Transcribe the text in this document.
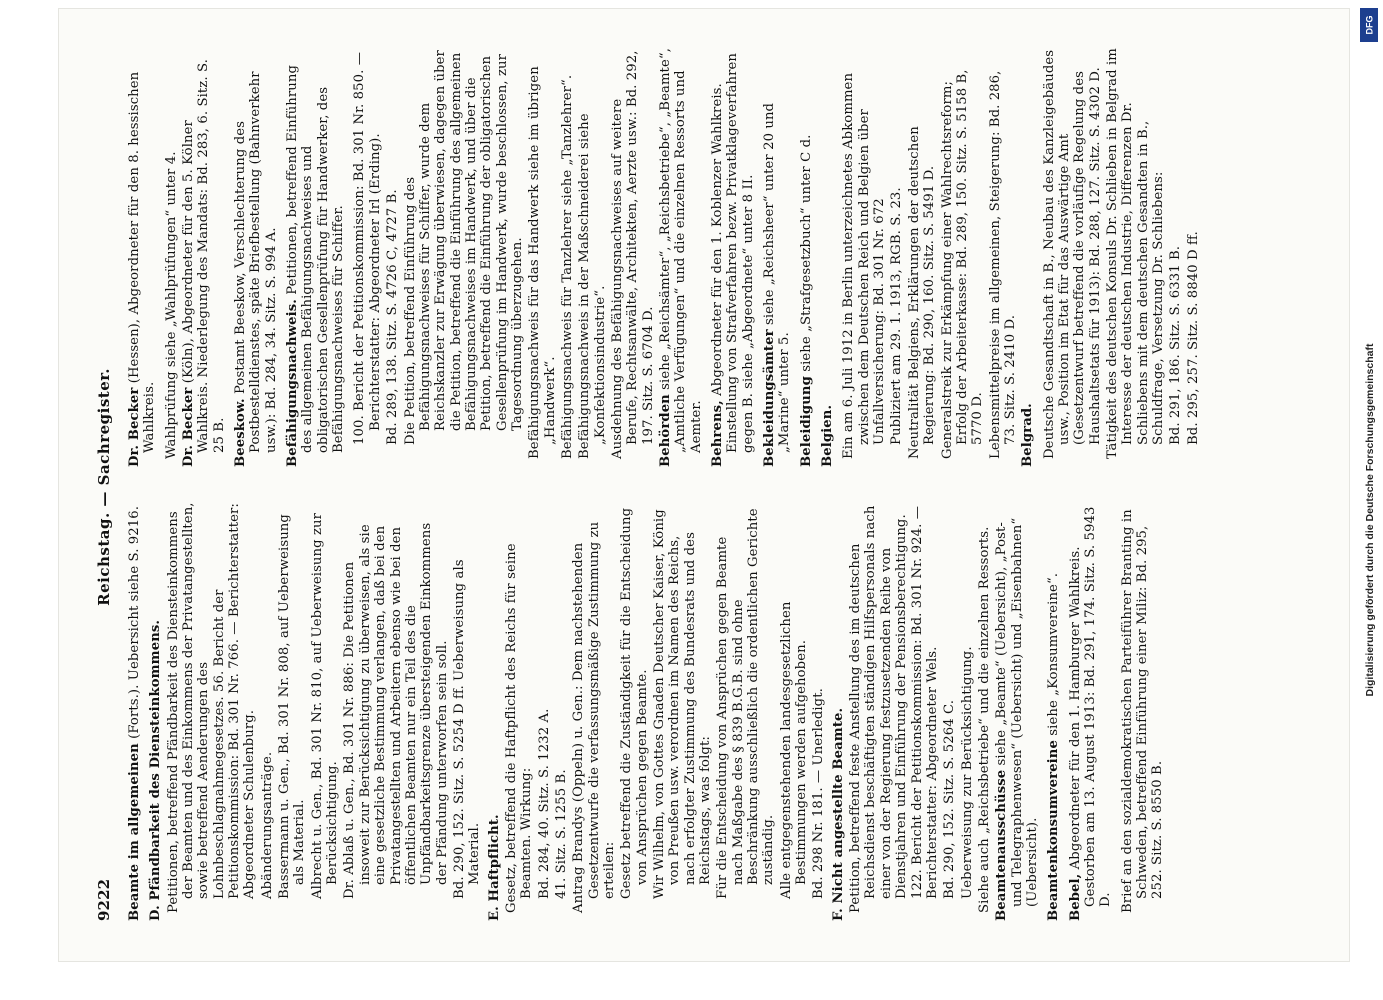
9222
Reichstag. — Sachregister.
Beamte im allgemeinen (Forts.). Uebersicht siehe S. 9216. D. Pfändbarkeit des Diensteinkommens. Petitionen, betreffend Pfändbarkeit des Diensteinkommens der Beamten und des Einkommens der Privatangestellten, sowie betreffend Aenderungen des Lohnbeschlagnahmegesetzes. 56. Bericht der Petitionskommission: Bd. 301 Nr. 766. — Berichterstatter: Abgeordneter Schulenburg. Abänderungsanträge. Bassermann u. Gen., Bd. 301 Nr. 808, auf Ueberweisung als Material. Albrecht u. Gen., Bd. 301 Nr. 810, auf Ueberweisung zur Berücksichtigung. Dr. Ablaß u. Gen., Bd. 301 Nr. 886: Die Petitionen insoweit zur Berücksichtigung zu überweisen, als sie eine gesetzliche Bestimmung verlangen, daß bei den Privatangestellten und Arbeitern ebenso wie bei den öffentlichen Beamten nur ein Teil des die Unpfändbarkeitsgrenze übersteigenden Einkommens der Pfändung unterworfen sein soll. Bd. 290, 152. Sitz. S. 5254 D ff. Ueberweisung als Material. E. Haftpflicht. Gesetz, betreffend die Haftpflicht des Reichs für seine Beamten. Wirkung: Bd. 284, 40. Sitz. S. 1232 A. 41. Sitz. S. 1255 B. Antrag Brandys (Oppeln) u. Gen.: Dem nachstehenden Gesetzentwurfe die verfassungsmäßige Zustimmung zu erteilen: Gesetz betreffend die Zuständigkeit für die Entscheidung von Ansprüchen gegen Beamte. Wir Wilhelm, von Gottes Gnaden Deutscher Kaiser, König von Preußen usw. verordnen im Namen des Reichs, nach erfolgter Zustimmung des Bundesrats und des Reichstags, was folgt: Für die Entscheidung von Ansprüchen gegen Beamte nach Maßgabe des § 839 B.G.B. sind ohne Beschränkung ausschließlich die ordentlichen Gerichte zuständig. Alle entgegenstehenden landesgesetzlichen Bestimmungen werden aufgehoben. Bd. 298 Nr. 181. — Unerledigt. F. Nicht angestellte Beamte. Petition, betreffend feste Anstellung des im deutschen Reichsdienst beschäftigten ständigen Hilfspersonals nach einer von der Regierung festzusetzenden Reihe von Dienstjahren und Einführung der Pensionsberechtigung. 122. Bericht der Petitionskommission: Bd. 301 Nr. 924. — Berichterstatter: Abgeordneter Wels. Bd. 290, 152. Sitz. S. 5264 C. Ueberweisung zur Berücksichtigung. Siehe auch „Reichsbetriebe“ und die einzelnen Ressorts. Beamtenausschüsse siehe „Beamte“ (Uebersicht), „Post- und Telegraphenwesen“ (Uebersicht) und „Eisenbahnen“ (Uebersicht). Beamtenkonsumvereine siehe „Konsumvereine“.
Bebel, Abgeordneter für den 1. Hamburger Wahlkreis. Gestorben am 13. August 1913: Bd. 291, 174. Sitz. S. 5943 D. Brief an den sozialdemokratischen Parteiführer Branting in Schweden, betreffend Einführung einer Miliz: Bd. 295, 252. Sitz. S. 8550 B.
Dr. Becker (Hessen), Abgeordneter für den 8. hessischen Wahlkreis. Wahlprüfung siehe „Wahlprüfungen“ unter 4. Dr. Becker (Köln), Abgeordneter für den 5. Kölner Wahlkreis. Niederlegung des Mandats: Bd. 283, 6. Sitz. S. 25 B. Beeskow. Postamt Beeskow, Verschlechterung des Postbestelldienstes, späte Briefbestellung (Bahnverkehr usw.): Bd. 284, 34. Sitz. S. 994 A. Befähigungsnachweis. Petitionen, betreffend Einführung des allgemeinen Befähigungsnachweises und obligatorischen Gesellenprüfung für Handwerker, des Befähigungsnachweises für Schiffer. 100. Bericht der Petitionskommission: Bd. 301 Nr. 850. — Berichterstatter: Abgeordneter Irl (Erding). Bd. 289, 138. Sitz. S. 4726 C, 4727 B. Die Petition, betreffend Einführung des Befähigungsnachweises für Schiffer, wurde dem Reichskanzler zur Erwägung überwiesen, dagegen über die Petition, betreffend die Einführung des allgemeinen Befähigungsnachweises im Handwerk, und über die Petition, betreffend die Einführung der obligatorischen Gesellenprüfung im Handwerk, wurde beschlossen, zur Tagesordnung überzugehen. Befähigungsnachweis für das Handwerk siehe im übrigen „Handwerk“. Befähigungsnachweis für Tanzlehrer siehe „Tanzlehrer“. Befähigungsnachweis in der Maßschneiderei siehe „Konfektionsindustrie“. Ausdehnung des Befähigungsnachweises auf weitere Berufe, Rechtsanwälte, Architekten, Aerzte usw.: Bd. 292, 197. Sitz. S. 6704 D. Behörden siehe „Reichsämter“, „Reichsbetriebe“, „Beamte“, „Amtliche Verfügungen“ und die einzelnen Ressorts und Aemter. Behrens, Abgeordneter für den 1. Koblenzer Wahlkreis. Einstellung von Strafverfahren bezw. Privatklageverfahren gegen B. siehe „Abgeordnete“ unter 8 II. Bekleidungsämter siehe „Reichsheer“ unter 20 und „Marine“ unter 5. Beleidigung siehe „Strafgesetzbuch“ unter C d.
Belgien. Ein am 6. Juli 1912 in Berlin unterzeichnetes Abkommen zwischen dem Deutschen Reich und Belgien über Unfallversicherung: Bd. 301 Nr. 672 Publiziert am 29. 1. 1913, RGB. S. 23. Neutralität Belgiens, Erklärungen der deutschen Regierung: Bd. 290, 160. Sitz. S. 5491 D. Generalstreik zur Erkämpfung einer Wahlrechtsreform; Erfolg der Arbeiterkasse: Bd. 289, 150. Sitz. S. 5158 B, 5770 D. Lebensmittelpreise im allgemeinen, Steigerung: Bd. 286, 73. Sitz. S. 2410 D. Belgrad. Deutsche Gesandtschaft in B., Neubau des Kanzleigebäudes usw., Position im Etat für das Auswärtige Amt (Gesetzentwurf betreffend die vorläufige Regelung des Haushaltsetats für 1913): Bd. 288, 127. Sitz. S. 4302 D. Tätigkeit des deutschen Konsuls Dr. Schlieben in Belgrad im Interesse der deutschen Industrie, Differenzen Dr. Schliebens mit dem deutschen Gesandten in B., Schuldfrage, Versetzung Dr. Schliebens: Bd. 291, 186. Sitz. S. 6331 B. Bd. 295, 257. Sitz. S. 8840 D ff.
DFG
Digitalisierung gefördert durch die Deutsche Forschungsgemeinschaft
